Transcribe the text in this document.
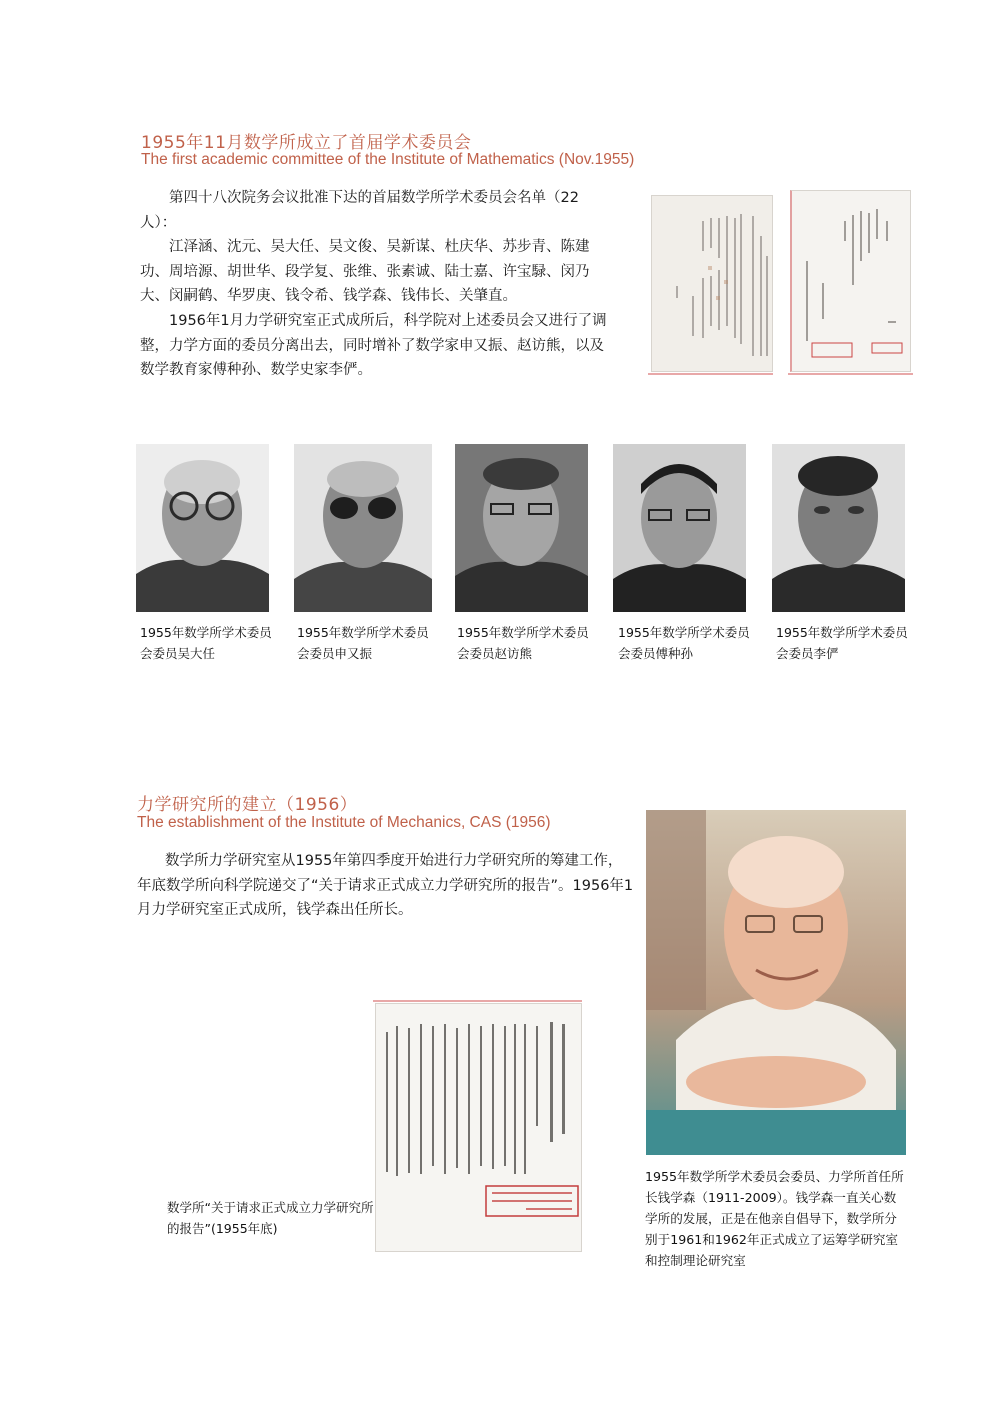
1955年11月数学所成立了首届学术委员会
The first academic committee of the Institute of Mathematics (Nov.1955)
第四十八次院务会议批准下达的首届数学所学术委员会名单（22人）：
江泽涵、沈元、吴大任、吴文俊、吴新谋、杜庆华、苏步青、陈建功、周培源、胡世华、段学复、张维、张素诚、陆士嘉、许宝騄、闵乃大、闵嗣鹤、华罗庚、钱令希、钱学森、钱伟长、关肇直。
1956年1月力学研究室正式成所后，科学院对上述委员会又进行了调整，力学方面的委员分离出去，同时增补了数学家申又振、赵访熊，以及数学教育家傅种孙、数学史家李俨。
1955年数学所学术委员
会委员吴大任
1955年数学所学术委员
会委员申又振
1955年数学所学术委员
会委员赵访熊
1955年数学所学术委员
会委员傅种孙
1955年数学所学术委员
会委员李俨
力学研究所的建立（1956）
The establishment of the Institute of Mechanics, CAS (1956)
数学所力学研究室从1955年第四季度开始进行力学研究所的筹建工作，年底数学所向科学院递交了“关于请求正式成立力学研究所的报告”。1956年1月力学研究室正式成所，钱学森出任所长。
数学所“关于请求正式成立力学研究所的报告”(1955年底)
1955年数学所学术委员会委员、力学所首任所长钱学森（1911-2009）。钱学森一直关心数学所的发展，正是在他亲自倡导下，数学所分别于1961和1962年正式成立了运筹学研究室和控制理论研究室
